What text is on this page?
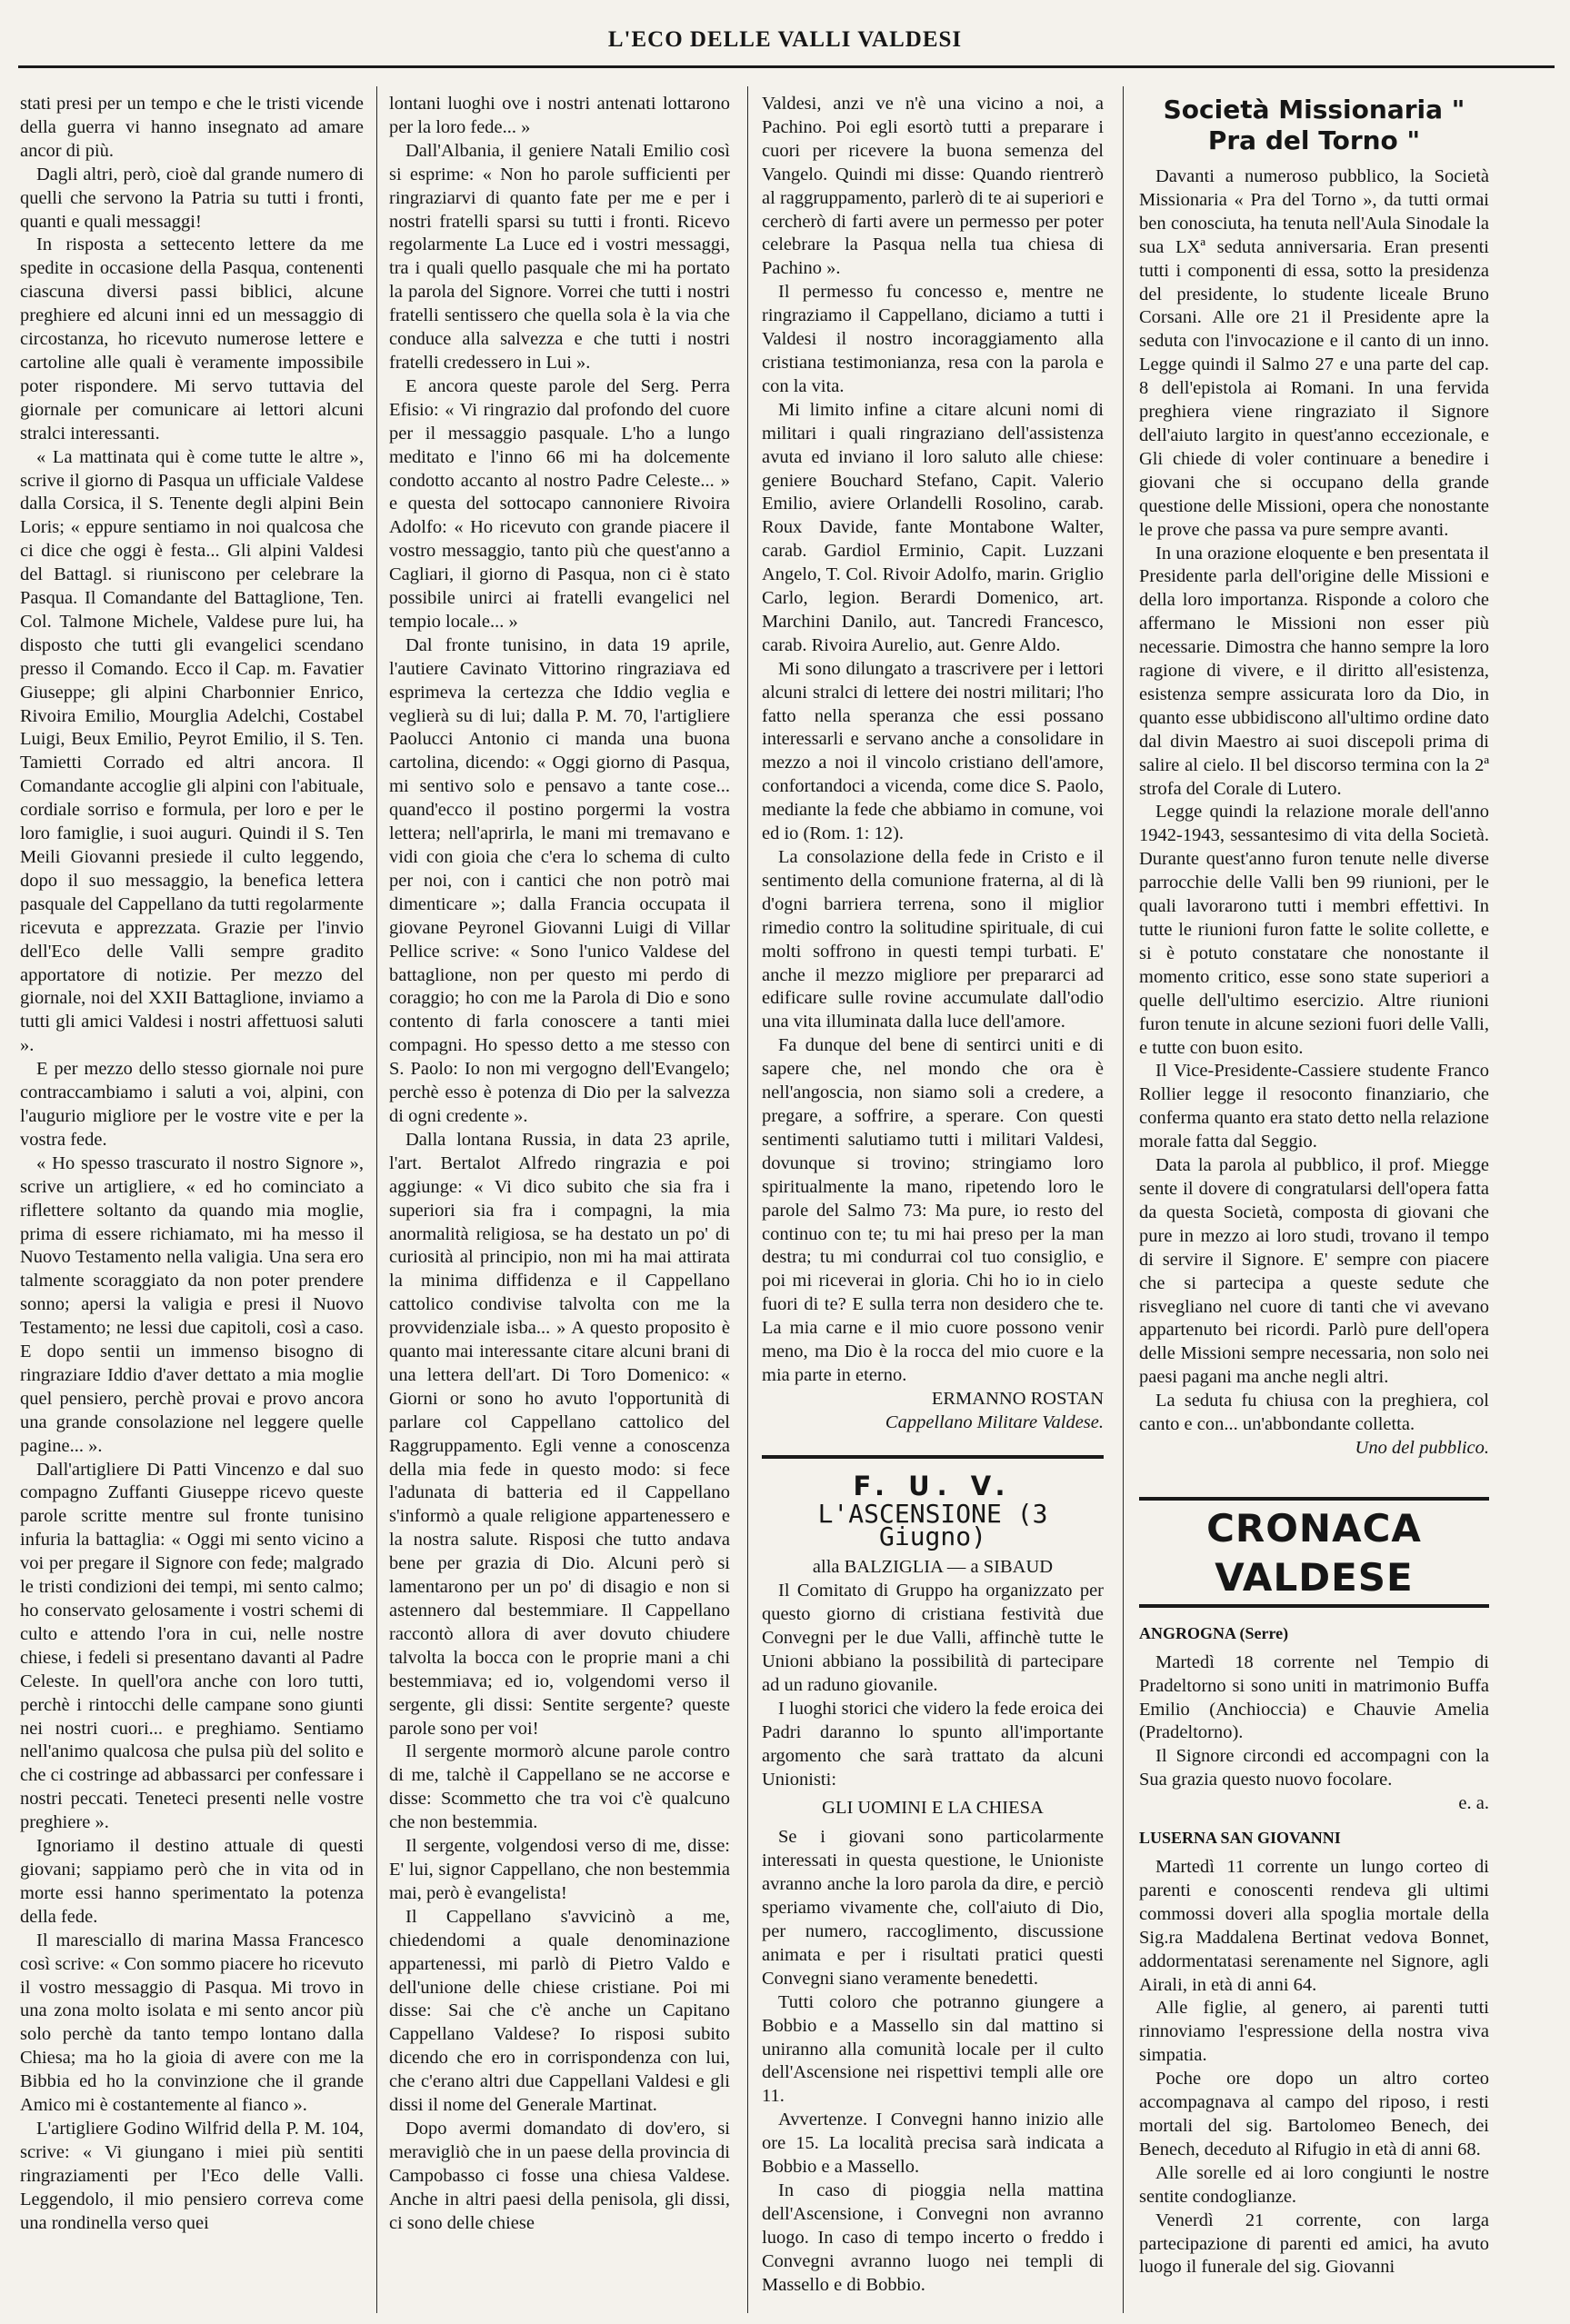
L'ECO DELLE VALLI VALDESI

stati presi per un tempo e che le tristi vicende della guerra vi hanno insegnato ad amare ancor di più.

Dagli altri, però, cioè dal grande numero di quelli che servono la Patria su tutti i fronti, quanti e quali messaggi!

In risposta a settecento lettere da me spedite in occasione della Pasqua, contenenti ciascuna diversi passi biblici, alcune preghiere ed alcuni inni ed un messaggio di circostanza, ho ricevuto numerose lettere e cartoline alle quali è veramente impossibile poter rispondere. Mi servo tuttavia del giornale per comunicare ai lettori alcuni stralci interessanti.

« La mattinata qui è come tutte le altre », scrive il giorno di Pasqua un ufficiale Valdese dalla Corsica, il S. Tenente degli alpini Bein Loris; « eppure sentiamo in noi qualcosa che ci dice che oggi è festa... Gli alpini Valdesi del Battagl. si riuniscono per celebrare la Pasqua. Il Comandante del Battaglione, Ten. Col. Talmone Michele, Valdese pure lui, ha disposto che tutti gli evangelici scendano presso il Comando. Ecco il Cap. m. Favatier Giuseppe; gli alpini Charbonnier Enrico, Rivoira Emilio, Mourglia Adelchi, Costabel Luigi, Beux Emilio, Peyrot Emilio, il S. Ten. Tamietti Corrado ed altri ancora. Il Comandante accoglie gli alpini con l'abituale, cordiale sorriso e formula, per loro e per le loro famiglie, i suoi auguri. Quindi il S. Ten Meili Giovanni presiede il culto leggendo, dopo il suo messaggio, la benefica lettera pasquale del Cappellano da tutti regolarmente ricevuta e apprezzata. Grazie per l'invio dell'Eco delle Valli sempre gradito apportatore di notizie. Per mezzo del giornale, noi del XXII Battaglione, inviamo a tutti gli amici Valdesi i nostri affettuosi saluti ».

E per mezzo dello stesso giornale noi pure contraccambiamo i saluti a voi, alpini, con l'augurio migliore per le vostre vite e per la vostra fede.

« Ho spesso trascurato il nostro Signore », scrive un artigliere, « ed ho cominciato a riflettere soltanto da quando mia moglie, prima di essere richiamato, mi ha messo il Nuovo Testamento nella valigia. Una sera ero talmente scoraggiato da non poter prendere sonno; apersi la valigia e presi il Nuovo Testamento; ne lessi due capitoli, così a caso. E dopo sentii un immenso bisogno di ringraziare Iddio d'aver dettato a mia moglie quel pensiero, perchè provai e provo ancora una grande consolazione nel leggere quelle pagine... ».

Dall'artigliere Di Patti Vincenzo e dal suo compagno Zuffanti Giuseppe ricevo queste parole scritte mentre sul fronte tunisino infuria la battaglia: « Oggi mi sento vicino a voi per pregare il Signore con fede; malgrado le tristi condizioni dei tempi, mi sento calmo; ho conservato gelosamente i vostri schemi di culto e attendo l'ora in cui, nelle nostre chiese, i fedeli si presentano davanti al Padre Celeste. In quell'ora anche con loro tutti, perchè i rintocchi delle campane sono giunti nei nostri cuori... e preghiamo. Sentiamo nell'animo qualcosa che pulsa più del solito e che ci costringe ad abbassarci per confessare i nostri peccati. Teneteci presenti nelle vostre preghiere ».

Ignoriamo il destino attuale di questi giovani; sappiamo però che in vita od in morte essi hanno sperimentato la potenza della fede.

Il maresciallo di marina Massa Francesco così scrive: « Con sommo piacere ho ricevuto il vostro messaggio di Pasqua. Mi trovo in una zona molto isolata e mi sento ancor più solo perchè da tanto tempo lontano dalla Chiesa; ma ho la gioia di avere con me la Bibbia ed ho la convinzione che il grande Amico mi è costantemente al fianco ».

L'artigliere Godino Wilfrid della P. M. 104, scrive: « Vi giungano i miei più sentiti ringraziamenti per l'Eco delle Valli. Leggendolo, il mio pensiero correva come una rondinella verso quei

lontani luoghi ove i nostri antenati lottarono per la loro fede... »

Dall'Albania, il geniere Natali Emilio così si esprime: « Non ho parole sufficienti per ringraziarvi di quanto fate per me e per i nostri fratelli sparsi su tutti i fronti. Ricevo regolarmente La Luce ed i vostri messaggi, tra i quali quello pasquale che mi ha portato la parola del Signore. Vorrei che tutti i nostri fratelli sentissero che quella sola è la via che conduce alla salvezza e che tutti i nostri fratelli credessero in Lui ».

E ancora queste parole del Serg. Perra Efisio: « Vi ringrazio dal profondo del cuore per il messaggio pasquale. L'ho a lungo meditato e l'inno 66 mi ha dolcemente condotto accanto al nostro Padre Celeste... » e questa del sottocapo cannoniere Rivoira Adolfo: « Ho ricevuto con grande piacere il vostro messaggio, tanto più che quest'anno a Cagliari, il giorno di Pasqua, non ci è stato possibile unirci ai fratelli evangelici nel tempio locale... »

Dal fronte tunisino, in data 19 aprile, l'autiere Cavinato Vittorino ringraziava ed esprimeva la certezza che Iddio veglia e veglierà su di lui; dalla P. M. 70, l'artigliere Paolucci Antonio ci manda una buona cartolina, dicendo: « Oggi giorno di Pasqua, mi sentivo solo e pensavo a tante cose... quand'ecco il postino porgermi la vostra lettera; nell'aprirla, le mani mi tremavano e vidi con gioia che c'era lo schema di culto per noi, con i cantici che non potrò mai dimenticare »; dalla Francia occupata il giovane Peyronel Giovanni Luigi di Villar Pellice scrive: « Sono l'unico Valdese del battaglione, non per questo mi perdo di coraggio; ho con me la Parola di Dio e sono contento di farla conoscere a tanti miei compagni. Ho spesso detto a me stesso con S. Paolo: Io non mi vergogno dell'Evangelo; perchè esso è potenza di Dio per la salvezza di ogni credente ».

Dalla lontana Russia, in data 23 aprile, l'art. Bertalot Alfredo ringrazia e poi aggiunge: « Vi dico subito che sia fra i superiori sia fra i compagni, la mia anormalità religiosa, se ha destato un po' di curiosità al principio, non mi ha mai attirata la minima diffidenza e il Cappellano cattolico condivise talvolta con me la provvidenziale isba... » A questo proposito è quanto mai interessante citare alcuni brani di una lettera dell'art. Di Toro Domenico: « Giorni or sono ho avuto l'opportunità di parlare col Cappellano cattolico del Raggruppamento. Egli venne a conoscenza della mia fede in questo modo: si fece l'adunata di batteria ed il Cappellano s'informò a quale religione appartenessero e la nostra salute. Risposi che tutto andava bene per grazia di Dio. Alcuni però si lamentarono per un po' di disagio e non si astennero dal bestemmiare. Il Cappellano raccontò allora di aver dovuto chiudere talvolta la bocca con le proprie mani a chi bestemmiava; ed io, volgendomi verso il sergente, gli dissi: Sentite sergente? queste parole sono per voi!

Il sergente mormorò alcune parole contro di me, talchè il Cappellano se ne accorse e disse: Scommetto che tra voi c'è qualcuno che non bestemmia.

Il sergente, volgendosi verso di me, disse: E' lui, signor Cappellano, che non bestemmia mai, però è evangelista!

Il Cappellano s'avvicinò a me, chiedendomi a quale denominazione appartenessi, mi parlò di Pietro Valdo e dell'unione delle chiese cristiane. Poi mi disse: Sai che c'è anche un Capitano Cappellano Valdese? Io risposi subito dicendo che ero in corrispondenza con lui, che c'erano altri due Cappellani Valdesi e gli dissi il nome del Generale Martinat.

Dopo avermi domandato di dov'ero, si meravigliò che in un paese della provincia di Campobasso ci fosse una chiesa Valdese. Anche in altri paesi della penisola, gli dissi, ci sono delle chiese

Valdesi, anzi ve n'è una vicino a noi, a Pachino. Poi egli esortò tutti a preparare i cuori per ricevere la buona semenza del Vangelo. Quindi mi disse: Quando rientrerò al raggruppamento, parlerò di te ai superiori e cercherò di farti avere un permesso per poter celebrare la Pasqua nella tua chiesa di Pachino ».

Il permesso fu concesso e, mentre ne ringraziamo il Cappellano, diciamo a tutti i Valdesi il nostro incoraggiamento alla cristiana testimonianza, resa con la parola e con la vita.

Mi limito infine a citare alcuni nomi di militari i quali ringraziano dell'assistenza avuta ed inviano il loro saluto alle chiese: geniere Bouchard Stefano, Capit. Valerio Emilio, aviere Orlandelli Rosolino, carab. Roux Davide, fante Montabone Walter, carab. Gardiol Erminio, Capit. Luzzani Angelo, T. Col. Rivoir Adolfo, marin. Griglio Carlo, legion. Berardi Domenico, art. Marchini Danilo, aut. Tancredi Francesco, carab. Rivoira Aurelio, aut. Genre Aldo.

Mi sono dilungato a trascrivere per i lettori alcuni stralci di lettere dei nostri militari; l'ho fatto nella speranza che essi possano interessarli e servano anche a consolidare in mezzo a noi il vincolo cristiano dell'amore, confortandoci a vicenda, come dice S. Paolo, mediante la fede che abbiamo in comune, voi ed io (Rom. 1: 12).

La consolazione della fede in Cristo e il sentimento della comunione fraterna, al di là d'ogni barriera terrena, sono il miglior rimedio contro la solitudine spirituale, di cui molti soffrono in questi tempi turbati. E' anche il mezzo migliore per prepararci ad edificare sulle rovine accumulate dall'odio una vita illuminata dalla luce dell'amore.

Fa dunque del bene di sentirci uniti e di sapere che, nel mondo che ora è nell'angoscia, non siamo soli a credere, a pregare, a soffrire, a sperare. Con questi sentimenti salutiamo tutti i militari Valdesi, dovunque si trovino; stringiamo loro spiritualmente la mano, ripetendo loro le parole del Salmo 73: Ma pure, io resto del continuo con te; tu mi hai preso per la man destra; tu mi condurrai col tuo consiglio, e poi mi riceverai in gloria. Chi ho io in cielo fuori di te? E sulla terra non desidero che te. La mia carne e il mio cuore possono venir meno, ma Dio è la rocca del mio cuore e la mia parte in eterno.

ERMANNO ROSTAN

Cappellano Militare Valdese.

F. U. V.
L'ASCENSIONE (3 Giugno)

alla BALZIGLIA — a SIBAUD

Il Comitato di Gruppo ha organizzato per questo giorno di cristiana festività due Convegni per le due Valli, affinchè tutte le Unioni abbiano la possibilità di partecipare ad un raduno giovanile.

I luoghi storici che videro la fede eroica dei Padri daranno lo spunto all'importante argomento che sarà trattato da alcuni Unionisti:

GLI UOMINI E LA CHIESA

Se i giovani sono particolarmente interessati in questa questione, le Unioniste avranno anche la loro parola da dire, e perciò speriamo vivamente che, coll'aiuto di Dio, per numero, raccoglimento, discussione animata e per i risultati pratici questi Convegni siano veramente benedetti.

Tutti coloro che potranno giungere a Bobbio e a Massello sin dal mattino si uniranno alla comunità locale per il culto dell'Ascensione nei rispettivi templi alle ore 11.

Avvertenze. I Convegni hanno inizio alle ore 15. La località precisa sarà indicata a Bobbio e a Massello.

In caso di pioggia nella mattina dell'Ascensione, i Convegni non avranno luogo. In caso di tempo incerto o freddo i Convegni avranno luogo nei templi di Massello e di Bobbio.

Società Missionaria " Pra del Torno "

Davanti a numeroso pubblico, la Società Missionaria « Pra del Torno », da tutti ormai ben conosciuta, ha tenuta nell'Aula Sinodale la sua LXª seduta anniversaria. Eran presenti tutti i componenti di essa, sotto la presidenza del presidente, lo studente liceale Bruno Corsani. Alle ore 21 il Presidente apre la seduta con l'invocazione e il canto di un inno. Legge quindi il Salmo 27 e una parte del cap. 8 dell'epistola ai Romani. In una fervida preghiera viene ringraziato il Signore dell'aiuto largito in quest'anno eccezionale, e Gli chiede di voler continuare a benedire i giovani che si occupano della grande questione delle Missioni, opera che nonostante le prove che passa va pure sempre avanti.

In una orazione eloquente e ben presentata il Presidente parla dell'origine delle Missioni e della loro importanza. Risponde a coloro che affermano le Missioni non esser più necessarie. Dimostra che hanno sempre la loro ragione di vivere, e il diritto all'esistenza, esistenza sempre assicurata loro da Dio, in quanto esse ubbidiscono all'ultimo ordine dato dal divin Maestro ai suoi discepoli prima di salire al cielo. Il bel discorso termina con la 2ª strofa del Corale di Lutero.

Legge quindi la relazione morale dell'anno 1942-1943, sessantesimo di vita della Società. Durante quest'anno furon tenute nelle diverse parrocchie delle Valli ben 99 riunioni, per le quali lavorarono tutti i membri effettivi. In tutte le riunioni furon fatte le solite collette, e si è potuto constatare che nonostante il momento critico, esse sono state superiori a quelle dell'ultimo esercizio. Altre riunioni furon tenute in alcune sezioni fuori delle Valli, e tutte con buon esito.

Il Vice-Presidente-Cassiere studente Franco Rollier legge il resoconto finanziario, che conferma quanto era stato detto nella relazione morale fatta dal Seggio.

Data la parola al pubblico, il prof. Miegge sente il dovere di congratularsi dell'opera fatta da questa Società, composta di giovani che pure in mezzo ai loro studi, trovano il tempo di servire il Signore. E' sempre con piacere che si partecipa a queste sedute che risvegliano nel cuore di tanti che vi avevano appartenuto bei ricordi. Parlò pure dell'opera delle Missioni sempre necessaria, non solo nei paesi pagani ma anche negli altri.

La seduta fu chiusa con la preghiera, col canto e con... un'abbondante colletta.

Uno del pubblico.

CRONACA VALDESE

ANGROGNA (Serre)

Martedì 18 corrente nel Tempio di Pradeltorno si sono uniti in matrimonio Buffa Emilio (Anchioccia) e Chauvie Amelia (Pradeltorno).

Il Signore circondi ed accompagni con la Sua grazia questo nuovo focolare.

e. a.

LUSERNA SAN GIOVANNI

Martedì 11 corrente un lungo corteo di parenti e conoscenti rendeva gli ultimi commossi doveri alla spoglia mortale della Sig.ra Maddalena Bertinat vedova Bonnet, addormentatasi serenamente nel Signore, agli Airali, in età di anni 64.

Alle figlie, al genero, ai parenti tutti rinnoviamo l'espressione della nostra viva simpatia.

Poche ore dopo un altro corteo accompagnava al campo del riposo, i resti mortali del sig. Bartolomeo Benech, dei Benech, deceduto al Rifugio in età di anni 68.

Alle sorelle ed ai loro congiunti le nostre sentite condoglianze.

Venerdì 21 corrente, con larga partecipazione di parenti ed amici, ha avuto luogo il funerale del sig. Giovanni
